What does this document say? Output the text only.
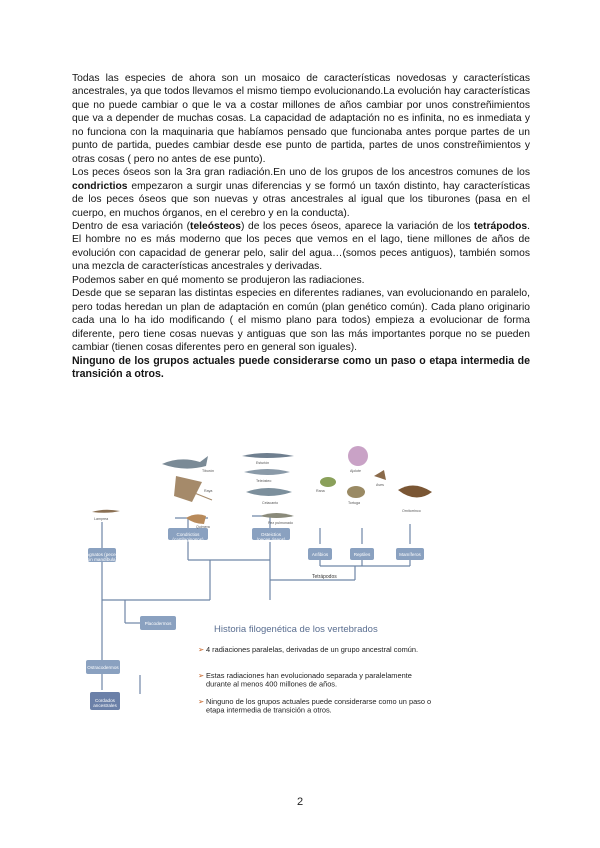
Todas las especies de ahora son un mosaico de características novedosas y características ancestrales, ya que todos llevamos el mismo tiempo evolucionando.La evolución hay características que no puede cambiar o que le va a costar millones de años cambiar por unos constreñimientos que va a depender de muchas cosas. La capacidad de adaptación no es infinita, no es inmediata y no funciona con la maquinaria que habíamos pensado que funcionaba antes porque partes de un punto de partida, puedes cambiar desde ese punto de partida, partes de unos constreñimientos y otras cosas ( pero no antes de ese punto).

Los peces óseos son la 3ra gran radiación.En uno de los grupos de los ancestros comunes de los condrictios empezaron a surgir unas diferencias y se formó un taxón distinto, hay características de los peces óseos que son nuevas y otras ancestrales al igual que los tiburones (pasa en el cuerpo, en muchos órganos, en el cerebro y en la conducta).

Dentro de esa variación (teleósteos) de los peces óseos, aparece la variación de los tetrápodos. El hombre no es más moderno que los peces que vemos en el lago, tiene millones de años de evolución con capacidad de generar pelo, salir del agua…(somos peces antiguos), también somos una mezcla de características ancestrales y derivadas.

Podemos saber en qué momento se produjeron las radiaciones.

Desde que se separan las distintas especies en diferentes radianes, van evolucionando en paralelo, pero todas heredan un plan de adaptación en común (plan genético común). Cada plano originario cada una lo ha ido modificando ( el mismo plano para todos) empieza a evolucionar de forma diferente, pero tiene cosas nuevas y antiguas que son las más importantes porque no se pueden cambiar (tienen cosas diferentes pero en general son iguales).

Ninguno de los grupos actuales puede considerarse como un paso o etapa intermedia de transición a otros.

Agnatos (peces sin mandíbula)
Condrictios (cartilaginosos)
Osteictios (peces óseos)
Anfibios	Reptiles	Mamíferos
Placodermos
Ostracodermos
Cordados ancestrales
Tetrápodos
Lamprea
Tiburón
Raya
Quimera
Esturión
Teleósteo
Celacanto
Pez pulmonado
Ajolote
Rana
Tortuga
Aves
Ornitorrinco
Historia filogenética de los vertebrados
➢ 4 radiaciones paralelas, derivadas de un grupo ancestral común.
➢ Estas radiaciones han evolucionado separada y paralelamente durante al menos 400 millones de años.
➢ Ninguno de los grupos actuales puede considerarse como un paso o etapa intermedia de transición a otros.
2
